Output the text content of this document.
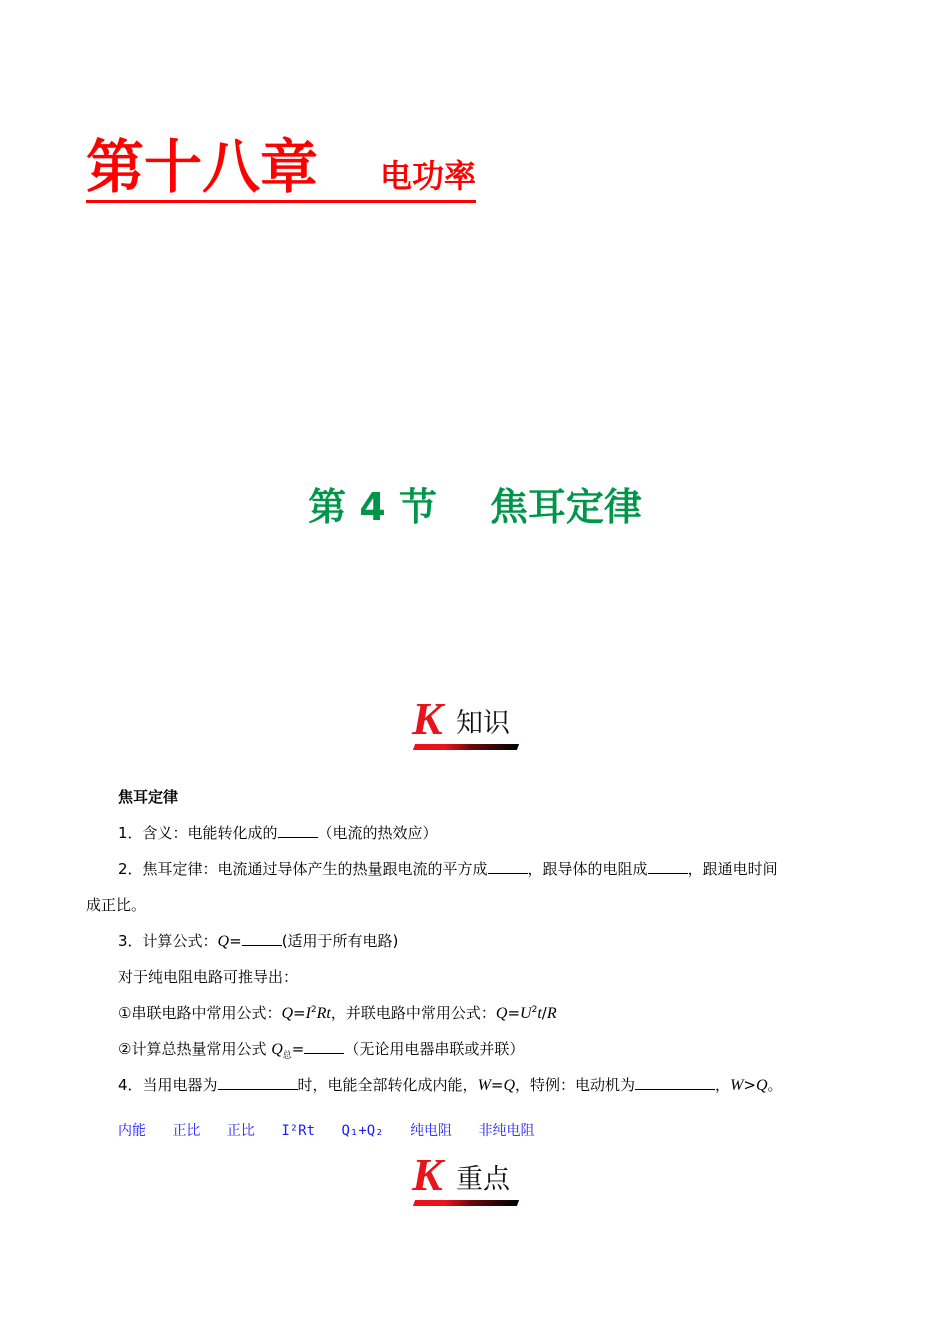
第十八章 电功率
第 4 节 焦耳定律
K 知识
焦耳定律
1．含义：电能转化成的	（电流的热效应）
2．焦耳定律：电流通过导体产生的热量跟电流的平方成	，跟导体的电阻成	，跟通电时间
成正比。
3．计算公式：Q=	(适用于所有电路)
对于纯电阻电路可推导出：
①串联电路中常用公式：$Q=I^2Rt$，并联电路中常用公式：$Q=U^2t/R$
②计算总热量常用公式 $Q_总=$	（无论用电器串联或并联）
4．当用电器为	时，电能全部转化成内能，W=Q，特例：电动机为	，W>Q。
内能 正比 正比 I²Rt Q₁+Q₂ 纯电阻 非纯电阻
K 重点
